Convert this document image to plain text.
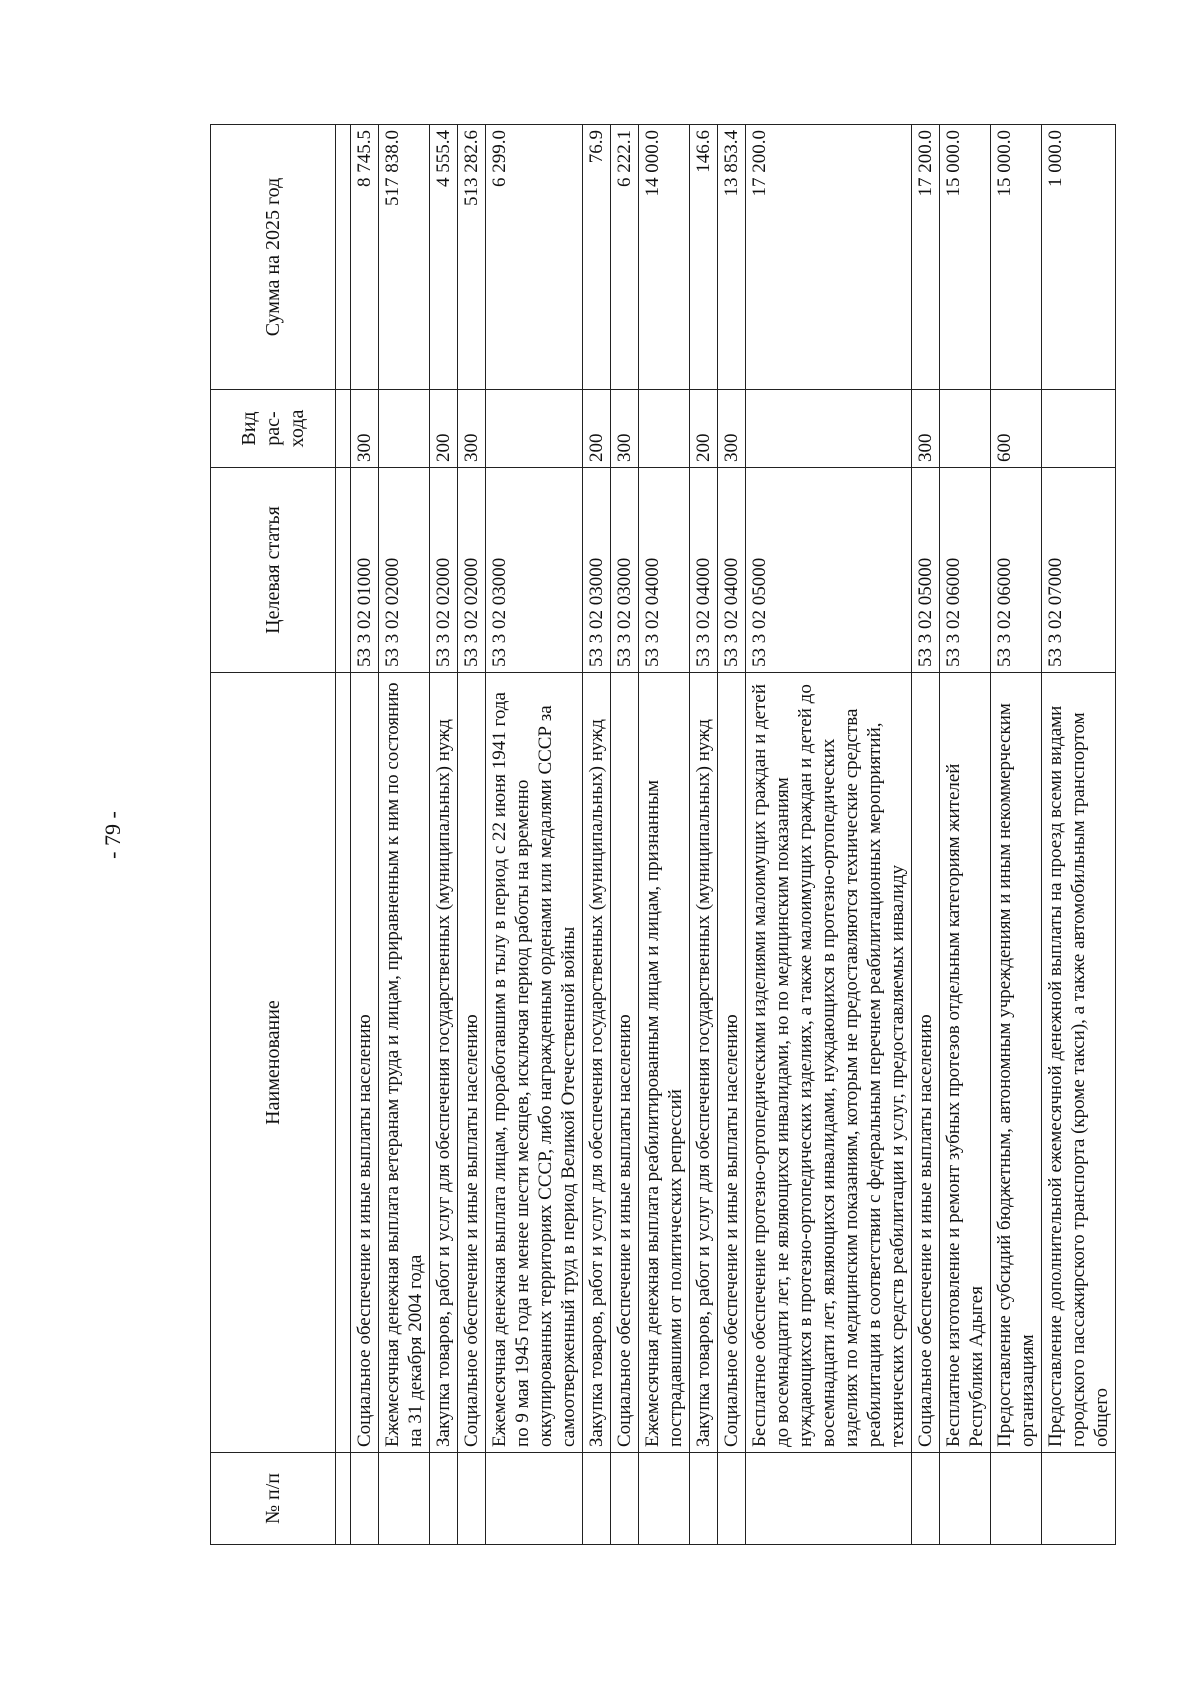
- 79 -
№ п/п	Наименование	Целевая статья	Вид рас-хода	Сумма на 2025 год

	Социальное обеспечение и иные выплаты населению	53 3 02 01000	300	8 745.5
	Ежемесячная денежная выплата ветеранам труда и лицам, приравненным к ним по состоянию на 31 декабря 2004 года	53 3 02 02000		517 838.0
	Закупка товаров, работ и услуг для обеспечения государственных (муниципальных) нужд	53 3 02 02000	200	4 555.4
	Социальное обеспечение и иные выплаты населению	53 3 02 02000	300	513 282.6
	Ежемесячная денежная выплата лицам, проработавшим в тылу в период с 22 июня 1941 года по 9 мая 1945 года не менее шести месяцев, исключая период работы на временно оккупированных территориях СССР, либо награжденным орденами или медалями СССР за самоотверженный труд в период Великой Отечественной войны	53 3 02 03000		6 299.0
	Закупка товаров, работ и услуг для обеспечения государственных (муниципальных) нужд	53 3 02 03000	200	76.9
	Социальное обеспечение и иные выплаты населению	53 3 02 03000	300	6 222.1
	Ежемесячная денежная выплата реабилитированным лицам и лицам, признанным пострадавшими от политических репрессий	53 3 02 04000		14 000.0
	Закупка товаров, работ и услуг для обеспечения государственных (муниципальных) нужд	53 3 02 04000	200	146.6
	Социальное обеспечение и иные выплаты населению	53 3 02 04000	300	13 853.4
	Бесплатное обеспечение протезно-ортопедическими изделиями малоимущих граждан и детей до восемнадцати лет, не являющихся инвалидами, но по медицинским показаниям нуждающихся в протезно-ортопедических изделиях, а также малоимущих граждан и детей до восемнадцати лет, являющихся инвалидами, нуждающихся в протезно-ортопедических изделиях по медицинским показаниям, которым не предоставляются технические средства реабилитации в соответствии с федеральным перечнем реабилитационных мероприятий, технических средств реабилитации и услуг, предоставляемых инвалиду	53 3 02 05000		17 200.0
	Социальное обеспечение и иные выплаты населению	53 3 02 05000	300	17 200.0
	Бесплатное изготовление и ремонт зубных протезов отдельным категориям жителей Республики Адыгея	53 3 02 06000		15 000.0
	Предоставление субсидий бюджетным, автономным учреждениям и иным некоммерческим организациям	53 3 02 06000	600	15 000.0
	Предоставление дополнительной ежемесячной денежной выплаты на проезд всеми видами городского пассажирского транспорта (кроме такси), а также автомобильным транспортом общего	53 3 02 07000		1 000.0
